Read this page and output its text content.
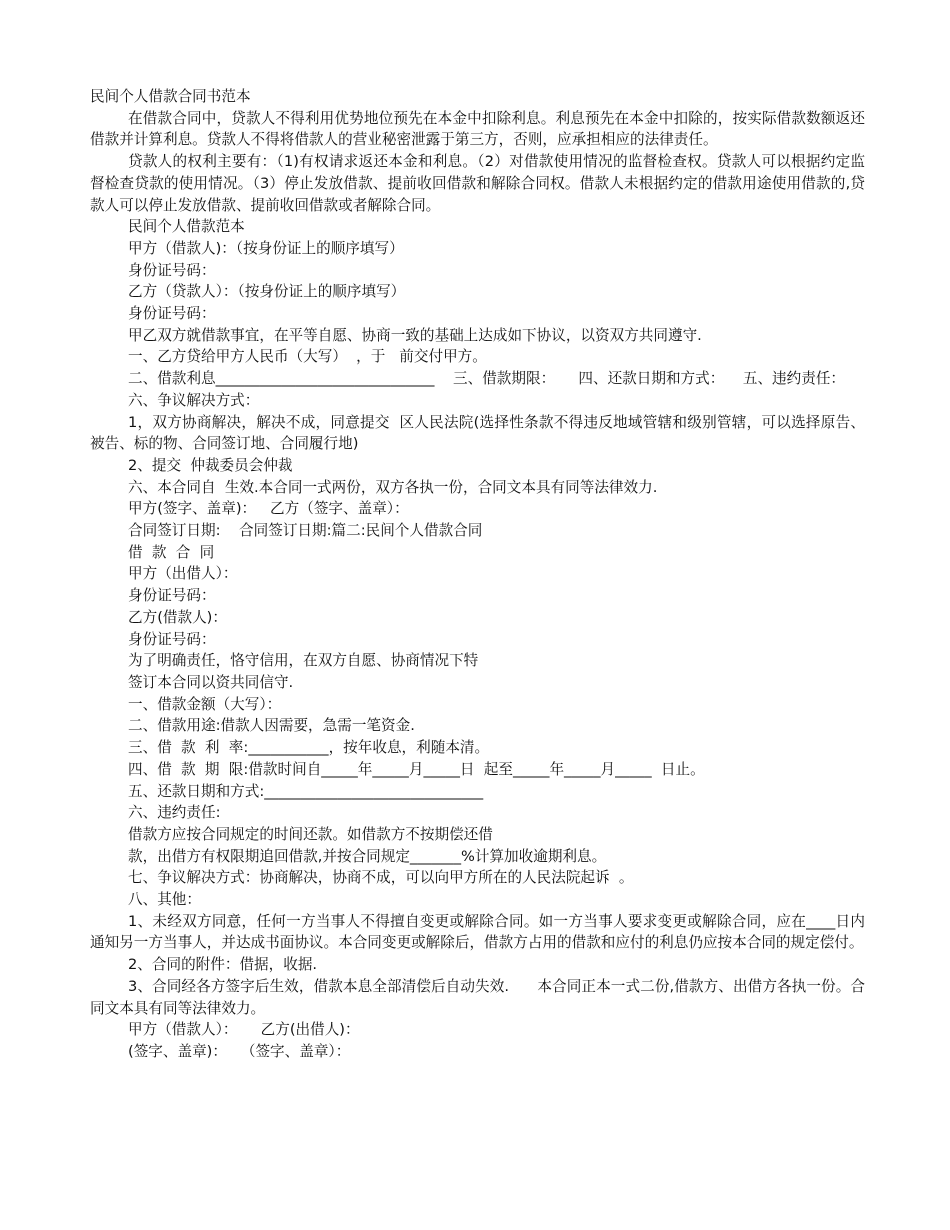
民间个人借款合同书范本

在借款合同中，贷款人不得利用优势地位预先在本金中扣除利息。利息预先在本金中扣除的，按实际借款数额返还借款并计算利息。贷款人不得将借款人的营业秘密泄露于第三方，否则，应承担相应的法律责任。

贷款人的权利主要有：（1)有权请求返还本金和利息。（2）对借款使用情况的监督检查权。贷款人可以根据约定监督检查贷款的使用情况。（3）停止发放借款、提前收回借款和解除合同权。借款人未根据约定的借款用途使用借款的,贷款人可以停止发放借款、提前收回借款或者解除合同。

民间个人借款范本

甲方（借款人)：（按身份证上的顺序填写）

身份证号码：

乙方（贷款人）：（按身份证上的顺序填写）

身份证号码：

甲乙双方就借款事宜，在平等自愿、协商一致的基础上达成如下协议，以资双方共同遵守.

一、乙方贷给甲方人民币（大写）  ，于   前交付甲方。

二、借款利息______________________________    三、借款期限：     四、还款日期和方式：    五、违约责任：

六、争议解决方式：

1，双方协商解决，解决不成，同意提交  区人民法院(选择性条款不得违反地域管辖和级别管辖，可以选择原告、被告、标的物、合同签订地、合同履行地)

2、提交  仲裁委员会仲裁

六、本合同自  生效.本合同一式两份，双方各执一份，合同文本具有同等法律效力.

甲方(签字、盖章)：   乙方（签字、盖章）：

合同签订日期:    合同签订日期:篇二:民间个人借款合同

借  款  合  同

甲方（出借人）：

身份证号码：

乙方(借款人)：

身份证号码：

为了明确责任，恪守信用，在双方自愿、协商情况下特

签订本合同以资共同信守.

一、借款金额（大写）：

二、借款用途:借款人因需要，急需一笔资金.

三、借  款  利  率:___________，按年收息，利随本清。

四、借  款  期  限:借款时间自_____年_____月_____日  起至_____年_____月_____  日止。

五、还款日期和方式:______________________________

六、违约责任:

借款方应按合同规定的时间还款。如借款方不按期偿还借

款，出借方有权限期追回借款,并按合同规定_______%计算加收逾期利息。

七、争议解决方式：协商解决，协商不成，可以向甲方所在的人民法院起诉  。

八、其他：

1、未经双方同意，任何一方当事人不得擅自变更或解除合同。如一方当事人要求变更或解除合同，应在____日内通知另一方当事人，并达成书面协议。本合同变更或解除后，借款方占用的借款和应付的利息仍应按本合同的规定偿付。

2、合同的附件：借据，收据.

3、合同经各方签字后生效，借款本息全部清偿后自动失效.      本合同正本一式二份,借款方、出借方各执一份。合同文本具有同等法律效力。

甲方（借款人）：     乙方(出借人)：

(签字、盖章)：   （签字、盖章）：
